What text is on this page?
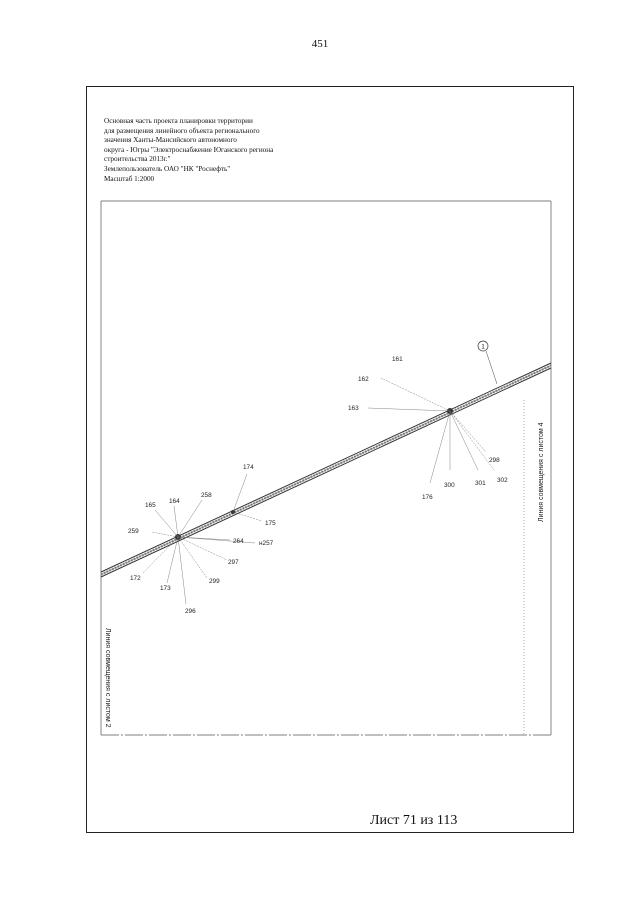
451
Основная часть проекта планировки территории
для размещения линейного объекта регионального
значения Ханты-Мансийского автономного
округа - Югры "Электроснабжение Юганского региона
строительства 2013г."
Землепользователь ОАО "НК "Роснефть"
Масштаб 1:2000
1
161
162
163
298
176
300	301 302
174
165
164
258
175
259
264 н257
297
172
173
299
296
Линия совмещения с листом 4
Линия совмещения с листом 2
Лист 71 из 113
